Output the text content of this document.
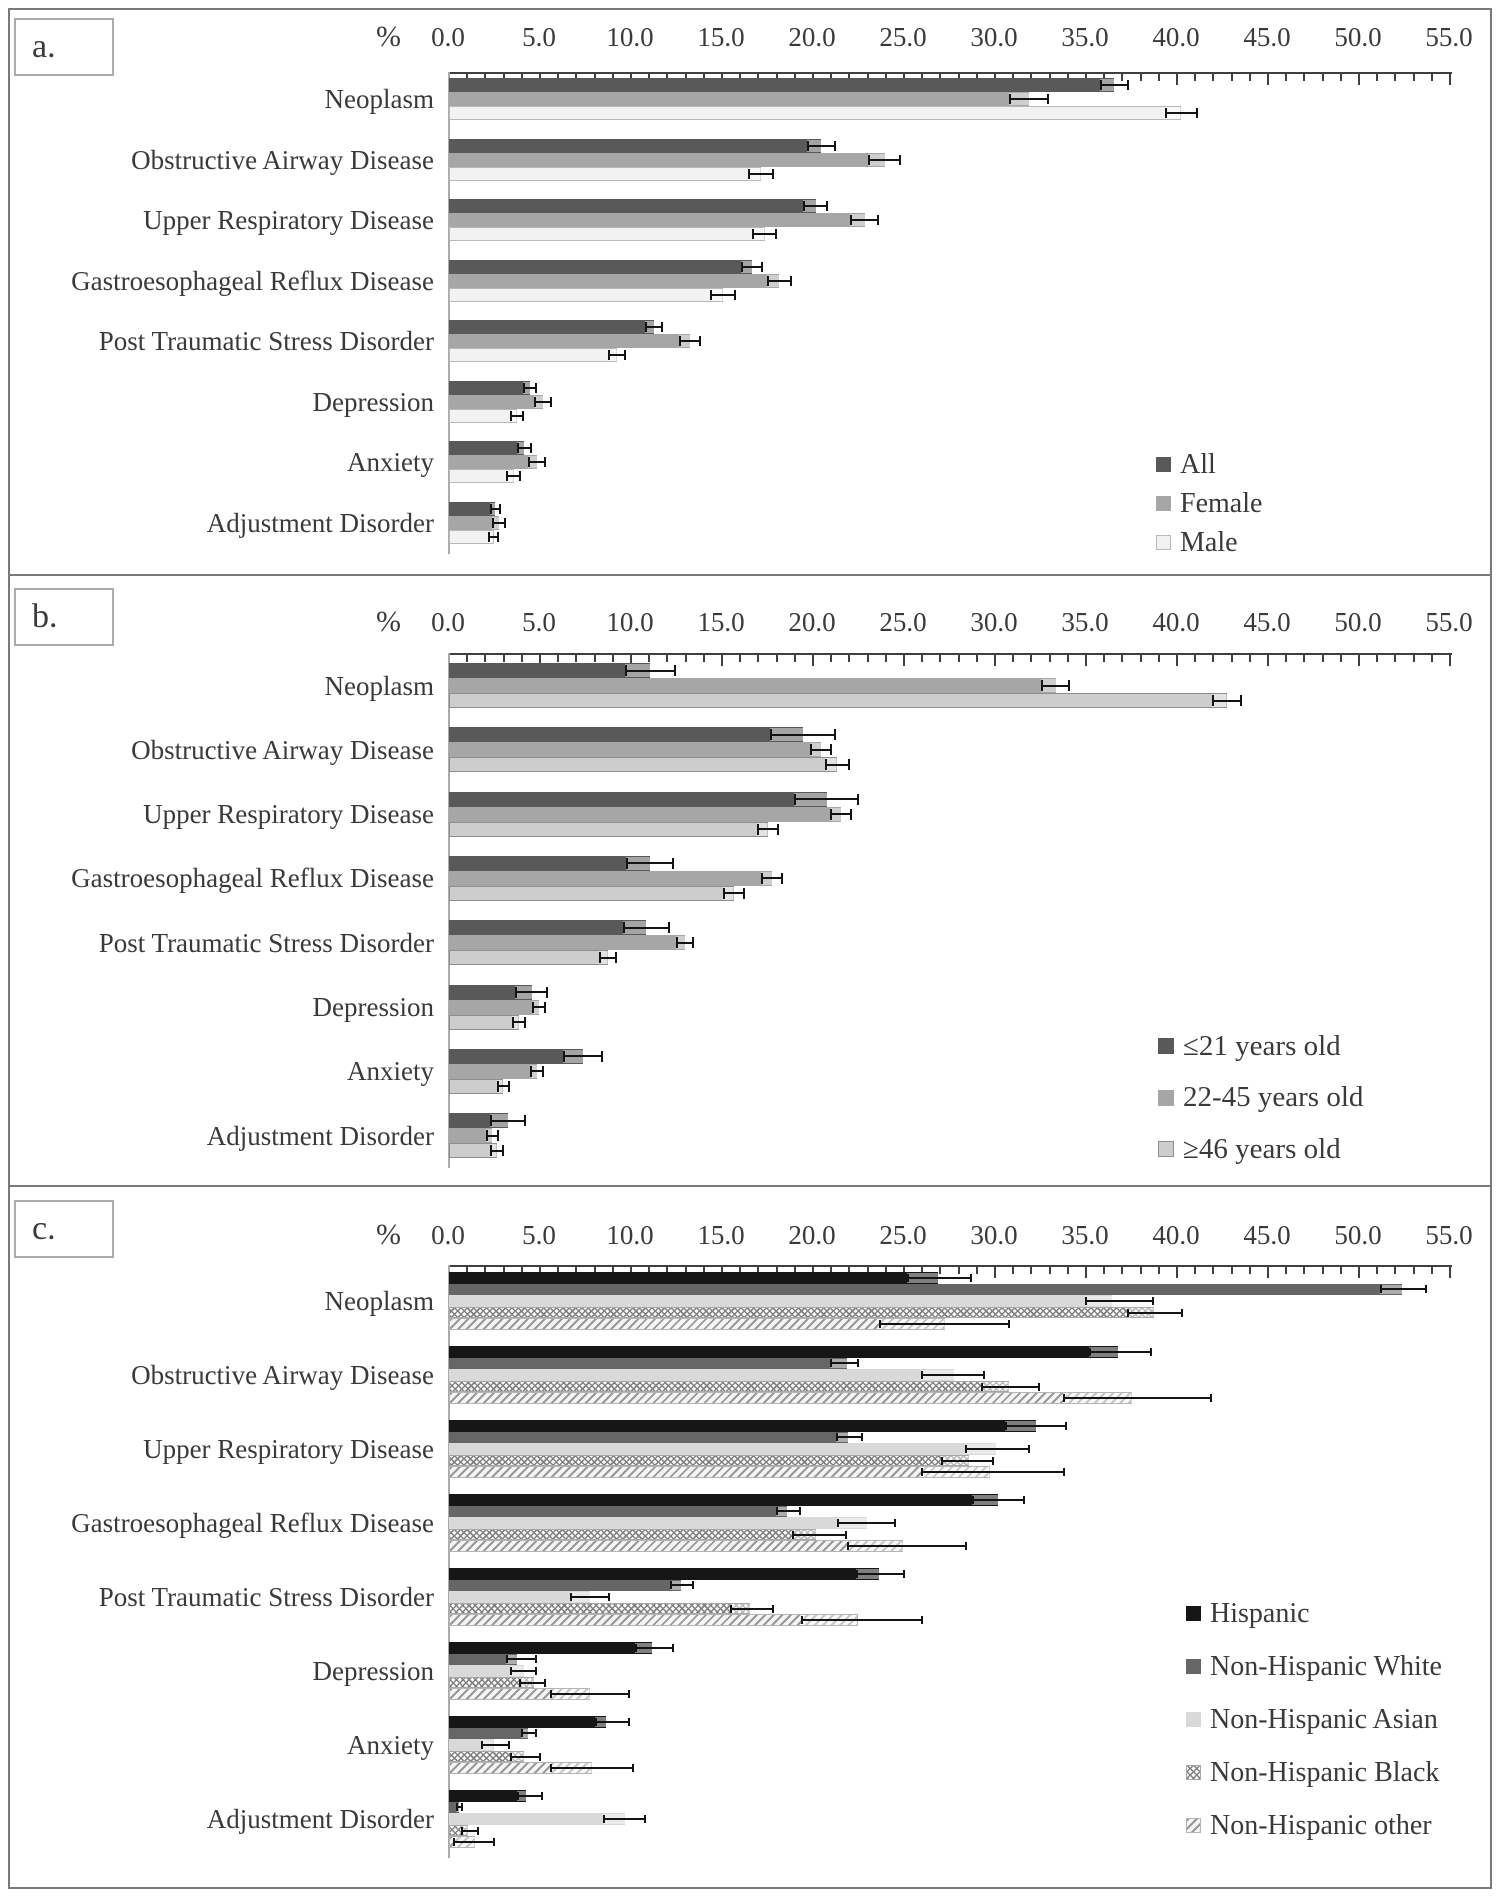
a.	%	0.0	5.0	10.0	15.0	20.0	25.0	30.0	35.0	40.0	45.0	50.0	55.0
Neoplasm
Obstructive Airway Disease
Upper Respiratory Disease
Gastroesophageal Reflux Disease
Post Traumatic Stress Disorder
Depression
Anxiety
Adjustment Disorder
All
Female
Male
b.	%	0.0	5.0	10.0	15.0	20.0	25.0	30.0	35.0	40.0	45.0	50.0	55.0
Neoplasm
Obstructive Airway Disease
Upper Respiratory Disease
Gastroesophageal Reflux Disease
Post Traumatic Stress Disorder
Depression
Anxiety
Adjustment Disorder
≤21 years old
22-45 years old
≥46 years old
c.	%	0.0	5.0	10.0	15.0	20.0	25.0	30.0	35.0	40.0	45.0	50.0	55.0
Neoplasm
Obstructive Airway Disease
Upper Respiratory Disease
Gastroesophageal Reflux Disease
Post Traumatic Stress Disorder
Depression
Anxiety
Adjustment Disorder
Hispanic
Non-Hispanic White
Non-Hispanic Asian
Non-Hispanic Black
Non-Hispanic other
